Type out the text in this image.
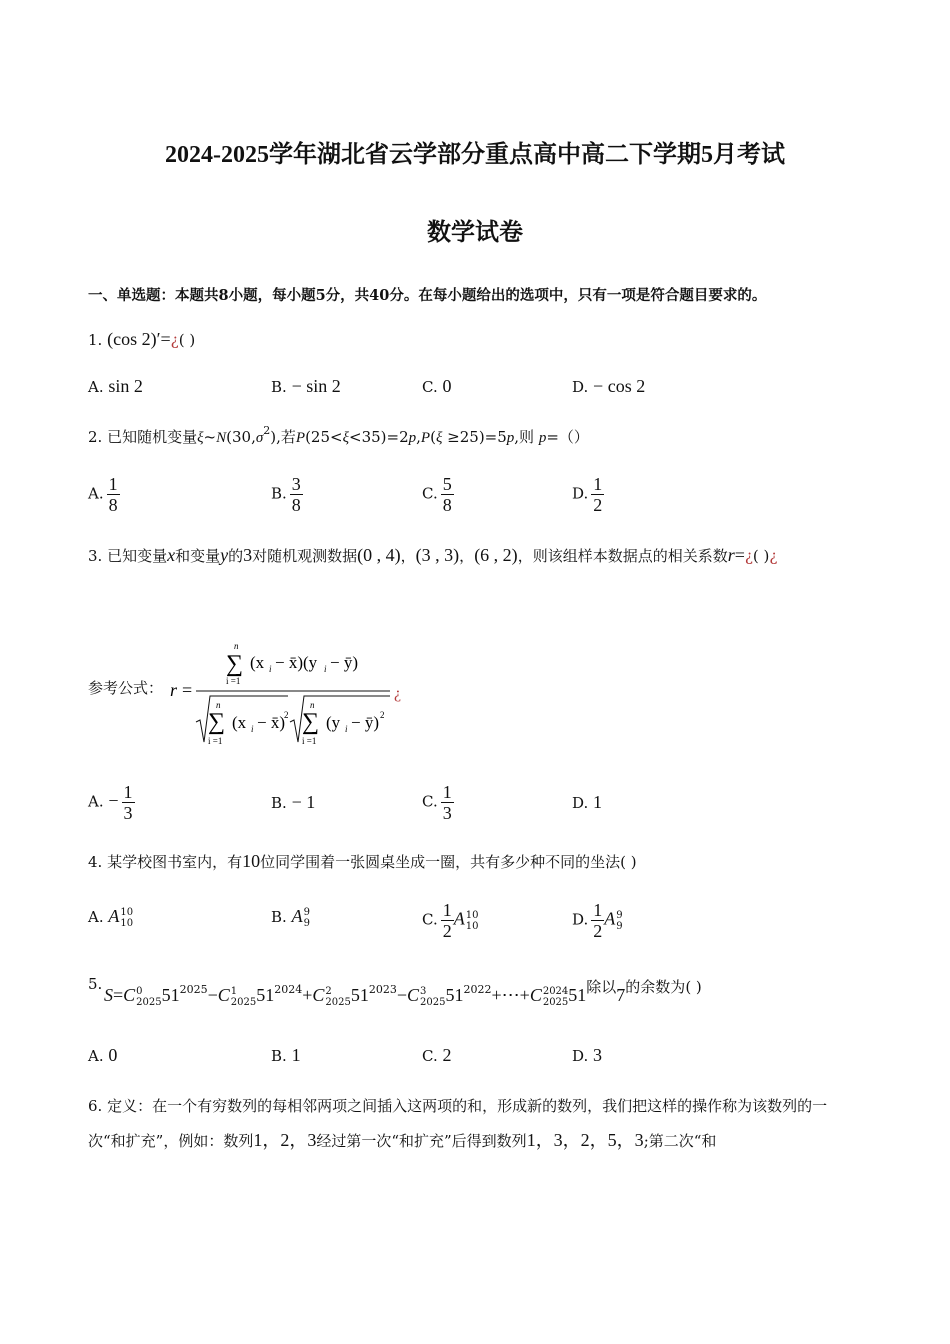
2024-2025学年湖北省云学部分重点高中高二下学期5月考试
数学试卷
一、单选题：本题共8小题，每小题5分，共40分。在每小题给出的选项中，只有一项是符合题目要求的。
1. (cos 2)′=¿( )
A. sin 2	B. − sin 2	C. 0	D. − cos 2
2. 已知随机变量$\xi\sim N(30,\sigma^2)$,若P(25<ξ<35)=2p,P(ξ ≥25)=5p,则 p=（）
A. $\frac{1}{8}$	B. $\frac{3}{8}$	C. $\frac{5}{8}$	D. $\frac{1}{2}$
3. 已知变量x和变量y的3对随机观测数据(0 , 4)，(3 , 3)，(6 , 2)，则该组样本数据点的相关系数r=¿( )¿
参考公式： r =
n
∑
i =1
(x i − x̄)(y i − ȳ)
n
∑
i =1
(x i − x̄) 2
n
∑
i =1
(y i − ȳ) 2
¿
A. − $\frac{1}{3}$	B. − 1	C. $\frac{1}{3}$	D. 1
4. 某学校图书室内，有10位同学围着一张圆桌坐成一圈，共有多少种不同的坐法( )
A. A 10
10	B. A 9
9	C. $\frac{1}{2}$ A 10
10	D. $\frac{1}{2}$ A 9
9
5.
S=C 0
2025 $51^{2025}-C$ 1
2025 $51^{2024}+C$ 2
2025 $51^{2023}-C$ 3
2025 $51^{2022}+\cdots+C$ 2024
2025 51除以7的余数为( )
A. 0	B. 1	C. 2	D. 3
6. 定义：在一个有穷数列的每相邻两项之间插入这两项的和，形成新的数列，我们把这样的操作称为该数列的一次“和扩充”，例如：数列1，2，3经过第一次“和扩充”后得到数列1，3，2，5，3;第二次“和
